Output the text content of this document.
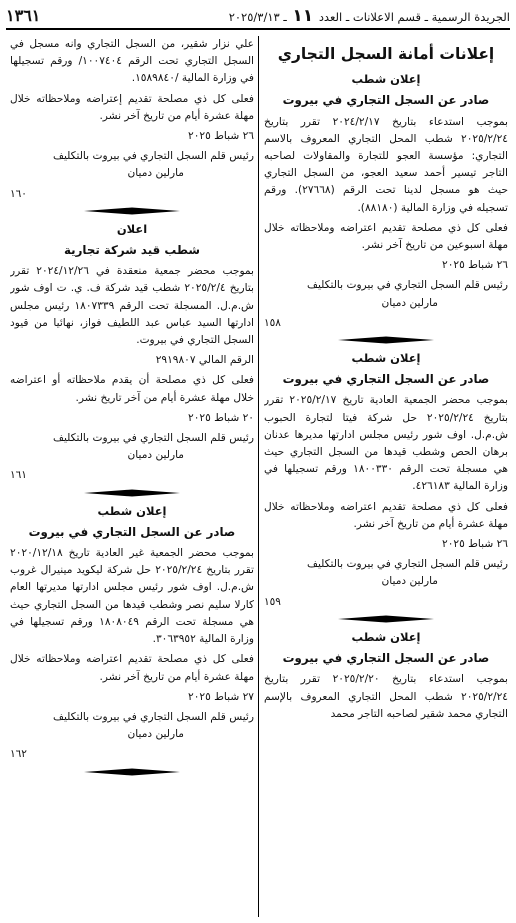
الجريدة الرسمية ـ قسم الاعلانات ـ العدد ١١ ـ ٢٠٢٥/٣/١٣
١٣٦١
إعلانات أمانة السجل التجاري
إعلان شطب
صادر عن السجل التجاري في بيروت

بموجب استدعاء بتاريخ ٢٠٢٤/٢/١٧ تقرر بتاريخ ٢٠٢٥/٢/٢٤ شطب المحل التجاري المعروف بالاسم التجاري: مؤسسة العجو للتجارة والمقاولات لصاحبه التاجر تيسير أحمد سعيد العجو، من السجل التجاري حيث هو مسجل لدينا تحت الرقم (٢٧٦٦٨). ورقم تسجيله في وزارة المالية (٨٨١٨٠).

فعلى كل ذي مصلحة تقديم اعتراضه وملاحظاته خلال مهلة اسبوعين من تاريخ آخر نشر.

٢٦ شباط ٢٠٢٥

رئيس قلم السجل التجاري في بيروت بالتكليف

مارلين دميان

١٥٨
إعلان شطب
صادر عن السجل التجاري في بيروت

بموجب محضر الجمعية العادية تاريخ ٢٠٢٥/٢/١٧ تقرر بتاريخ ٢٠٢٥/٢/٢٤ حل شركة فيتا لتجارة الحبوب ش.م.ل. اوف شور رئيس مجلس ادارتها مديرها عدنان برهان الحص وشطب قيدها من السجل التجاري حيث هي مسجلة تحت الرقم ١٨٠٠٣٣٠ ورقم تسجيلها في وزارة المالية ٤٢٦١٨٣.

فعلى كل ذي مصلحة تقديم اعتراضه وملاحظاته خلال مهلة عشرة أيام من تاريخ آخر نشر.

٢٦ شباط ٢٠٢٥

رئيس قلم السجل التجاري في بيروت بالتكليف

مارلين دميان

١٥٩
إعلان شطب
صادر عن السجل التجاري في بيروت

بموجب استدعاء بتاريخ ٢٠٢٥/٢/٢٠ تقرر بتاريخ ٢٠٢٥/٢/٢٤ شطب المحل التجاري المعروف بالإسم التجاري محمد شقير لصاحبه التاجر محمد

علي نزار شقير، من السجل التجاري وانه مسجل في السجل التجاري تحت الرقم ١٠٠٧٤٠٤/ ورقم تسجيلها في وزارة المالية /١٥٨٩٨٤٠.

فعلى كل ذي مصلحة تقديم إعتراضه وملاحظاته خلال مهلة عشرة أيام من تاريخ آخر نشر.

٢٦ شباط ٢٠٢٥

رئيس قلم السجل التجاري في بيروت بالتكليف

مارلين دميان

١٦٠
اعلان
شطب قيد شركة تجارية

بموجب محضر جمعية منعقدة في ٢٠٢٤/١٢/٢٦ تقرر بتاريخ ٢٠٢٥/٢/٤ شطب قيد شركة ف. ي. ت اوف شور ش.م.ل. المسجلة تحت الرقم ١٨٠٧٣٣٩ رئيس مجلس ادارتها السيد عباس عبد اللطيف فواز، نهائيا من قيود السجل التجاري في بيروت.

الرقم المالي ٢٩١٩٨٠٧

فعلى كل ذي مصلحة أن يقدم ملاحظاته أو اعتراضه خلال مهلة عشرة أيام من آخر تاريخ نشر.

٢٠ شباط ٢٠٢٥

رئيس قلم السجل التجاري في بيروت بالتكليف

مارلين دميان

١٦١
إعلان شطب
صادر عن السجل التجاري في بيروت

بموجب محضر الجمعية غير العادية تاريخ ٢٠٢٠/١٢/١٨ تقرر بتاريخ ٢٠٢٥/٢/٢٤ حل شركة ليكويد مينيرال غروب ش.م.ل. اوف شور رئيس مجلس ادارتها مديرتها العام كارلا سليم نصر وشطب قيدها من السجل التجاري حيث هي مسجلة تحت الرقم ١٨٠٨٠٤٩ ورقم تسجيلها في وزارة المالية ٣٠٦٣٩٥٢.

فعلى كل ذي مصلحة تقديم اعتراضه وملاحظاته خلال مهلة عشرة أيام من تاريخ آخر نشر.

٢٧ شباط ٢٠٢٥

رئيس قلم السجل التجاري في بيروت بالتكليف

مارلين دميان

١٦٢
